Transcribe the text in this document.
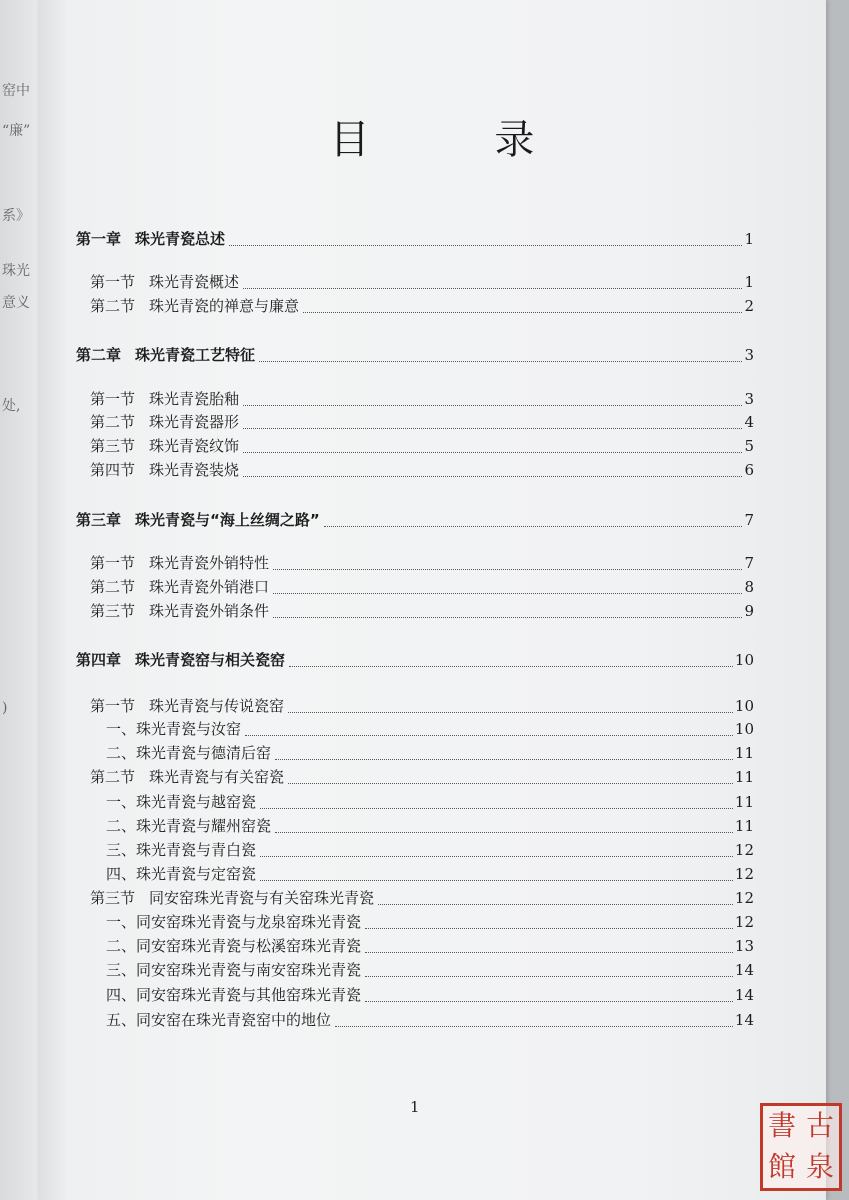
窑中
“廉”
系》
珠光
意义
处,
)
目 录
第一章 珠光青瓷总述	1
第一节 珠光青瓷概述	1
第二节 珠光青瓷的禅意与廉意	2
第二章 珠光青瓷工艺特征	3
第一节 珠光青瓷胎釉	3
第二节 珠光青瓷器形	4
第三节 珠光青瓷纹饰	5
第四节 珠光青瓷装烧	6
第三章 珠光青瓷与“海上丝绸之路”	7
第一节 珠光青瓷外销特性	7
第二节 珠光青瓷外销港口	8
第三节 珠光青瓷外销条件	9
第四章 珠光青瓷窑与相关瓷窑	10
第一节 珠光青瓷与传说瓷窑	10
一、珠光青瓷与汝窑	10
二、珠光青瓷与德清后窑	11
第二节 珠光青瓷与有关窑瓷	11
一、珠光青瓷与越窑瓷	11
二、珠光青瓷与耀州窑瓷	11
三、珠光青瓷与青白瓷	12
四、珠光青瓷与定窑瓷	12
第三节 同安窑珠光青瓷与有关窑珠光青瓷	12
一、同安窑珠光青瓷与龙泉窑珠光青瓷	12
二、同安窑珠光青瓷与松溪窑珠光青瓷	13
三、同安窑珠光青瓷与南安窑珠光青瓷	14
四、同安窑珠光青瓷与其他窑珠光青瓷	14
五、同安窑在珠光青瓷窑中的地位	14
1
書 古
館 泉
